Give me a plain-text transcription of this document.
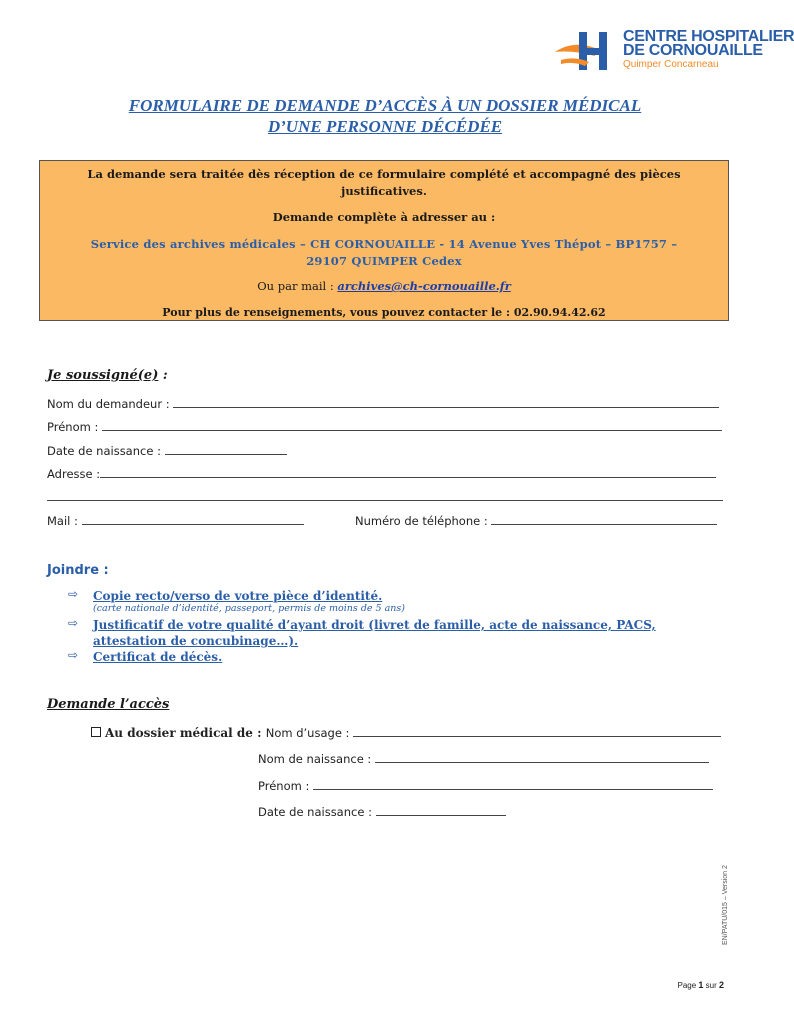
CENTRE HOSPITALIER
DE CORNOUAILLE
Quimper Concarneau
FORMULAIRE DE DEMANDE D’ACCÈS À UN DOSSIER MÉDICAL
D’UNE PERSONNE DÉCÉDÉE
La demande sera traitée dès réception de ce formulaire complété et accompagné des pièces justificatives.
Demande complète à adresser au :
Service des archives médicales – CH CORNOUAILLE - 14 Avenue Yves Thépot – BP1757 – 29107 QUIMPER Cedex
Ou par mail : archives@ch-cornouaille.fr
Pour plus de renseignements, vous pouvez contacter le : 02.90.94.42.62
Je soussigné(e) :
Nom du demandeur :
Prénom :
Date de naissance :
Adresse :
Mail :	Numéro de téléphone :
Joindre :
⇨ Copie recto/verso de votre pièce d’identité.
(carte nationale d’identité, passeport, permis de moins de 5 ans)
⇨ Justificatif de votre qualité d’ayant droit (livret de famille, acte de naissance, PACS, attestation de concubinage…).
⇨ Certificat de décès.
Demande l’accès
Au dossier médical de : Nom d’usage :
Nom de naissance :
Prénom :
Date de naissance :
EN/PATU/015 – Version 2
Page 1 sur 2
